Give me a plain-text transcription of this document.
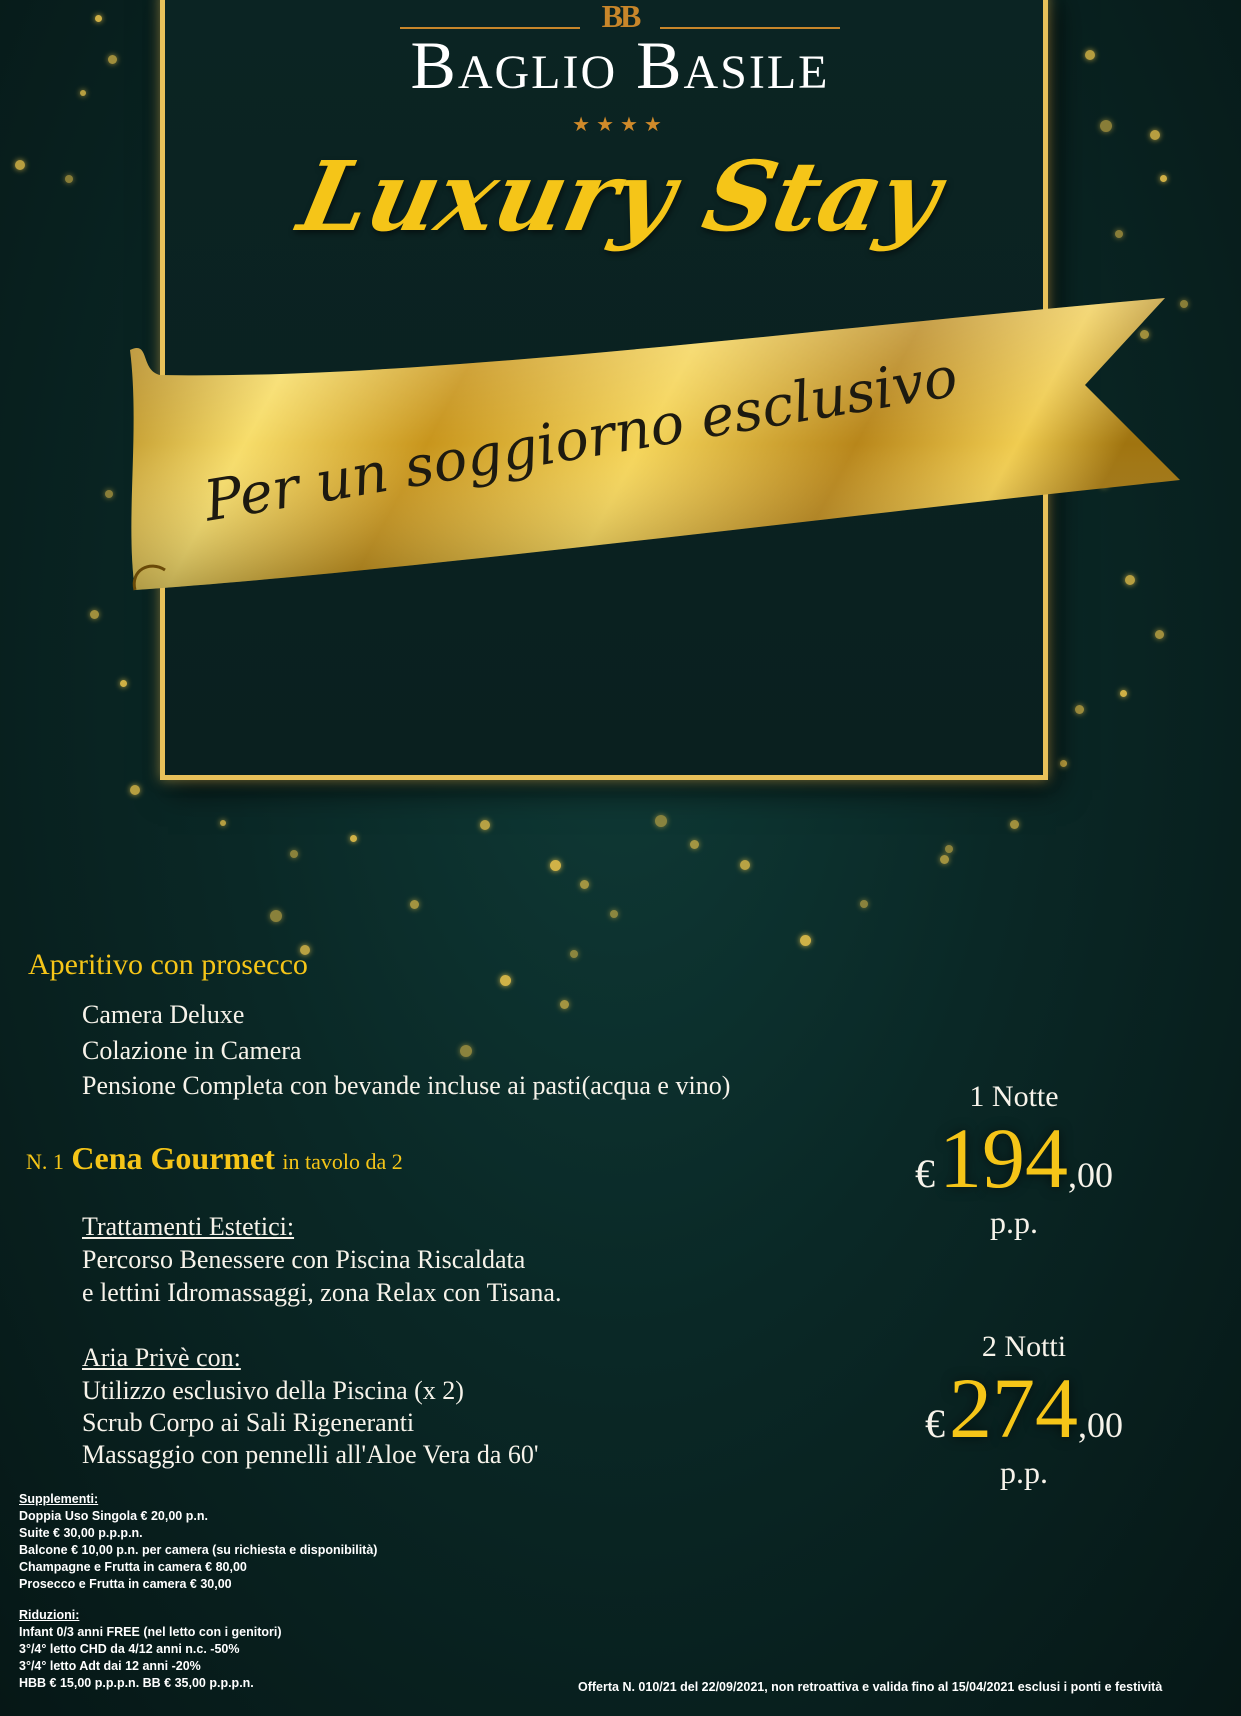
BB
Baglio Basile
★★★★
Luxury Stay
Per un soggiorno esclusivo
Aperitivo con prosecco
Camera Deluxe
Colazione in Camera
Pensione Completa con bevande incluse ai pasti(acqua e vino)
N. 1 Cena Gourmet in tavolo da 2
Trattamenti Estetici:
Percorso Benessere con Piscina Riscaldata
e lettini Idromassaggi, zona Relax con Tisana.
Aria Privè con:
Utilizzo esclusivo della Piscina (x 2)
Scrub Corpo ai Sali Rigeneranti
Massaggio con pennelli all'Aloe Vera da 60'
1 Notte
€ 194,00
p.p.
2 Notti
€ 274,00
p.p.
Supplementi:
Doppia Uso Singola € 20,00 p.n.
Suite € 30,00 p.p.p.n.
Balcone € 10,00 p.n. per camera (su richiesta e disponibilità)
Champagne e Frutta in camera € 80,00
Prosecco e Frutta in camera € 30,00
Riduzioni:
Infant 0/3 anni FREE (nel letto con i genitori)
3°/4° letto CHD da 4/12 anni n.c. -50%
3°/4° letto Adt dai 12 anni -20%
HBB € 15,00 p.p.p.n. BB € 35,00 p.p.p.n.	Offerta N. 010/21 del 22/09/2021, non retroattiva e valida fino al 15/04/2021 esclusi i ponti e festività
